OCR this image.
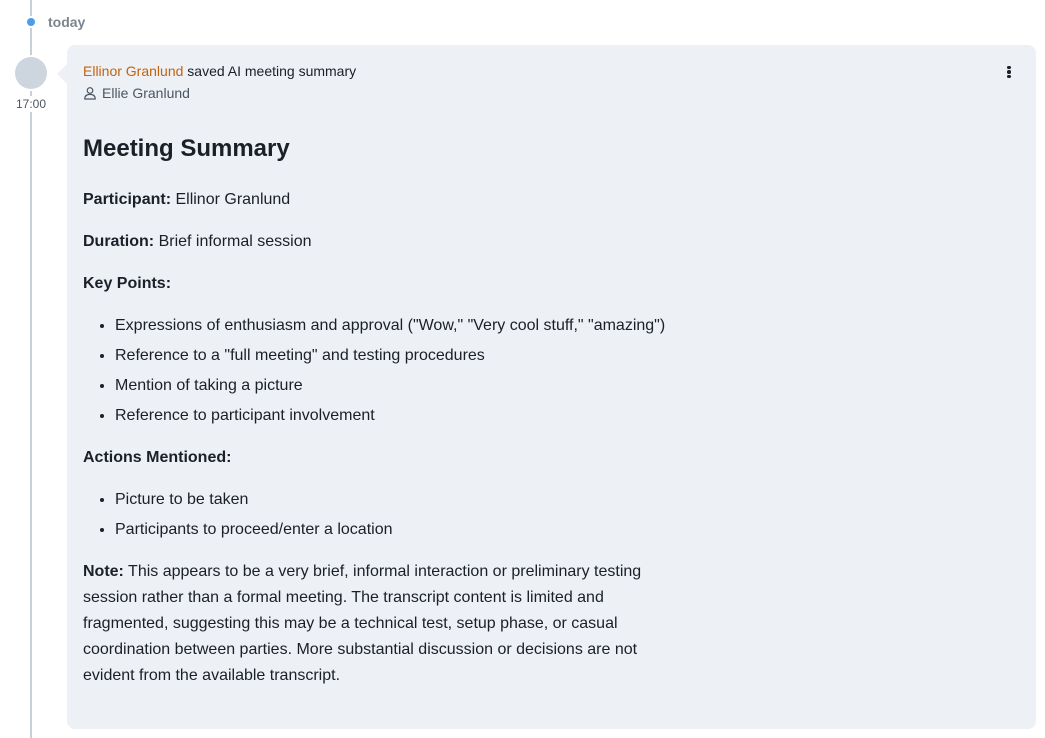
today
17:00
Ellinor Granlund saved AI meeting summary
Ellie Granlund
Meeting Summary

Participant: Ellinor Granlund

Duration: Brief informal session

Key Points:

• Expressions of enthusiasm and approval ("Wow," "Very cool stuff," "amazing")
• Reference to a "full meeting" and testing procedures
• Mention of taking a picture
• Reference to participant involvement

Actions Mentioned:

• Picture to be taken
• Participants to proceed/enter a location

Note: This appears to be a very brief, informal interaction or preliminary testing session rather than a formal meeting. The transcript content is limited and fragmented, suggesting this may be a technical test, setup phase, or casual coordination between parties. More substantial discussion or decisions are not evident from the available transcript.
